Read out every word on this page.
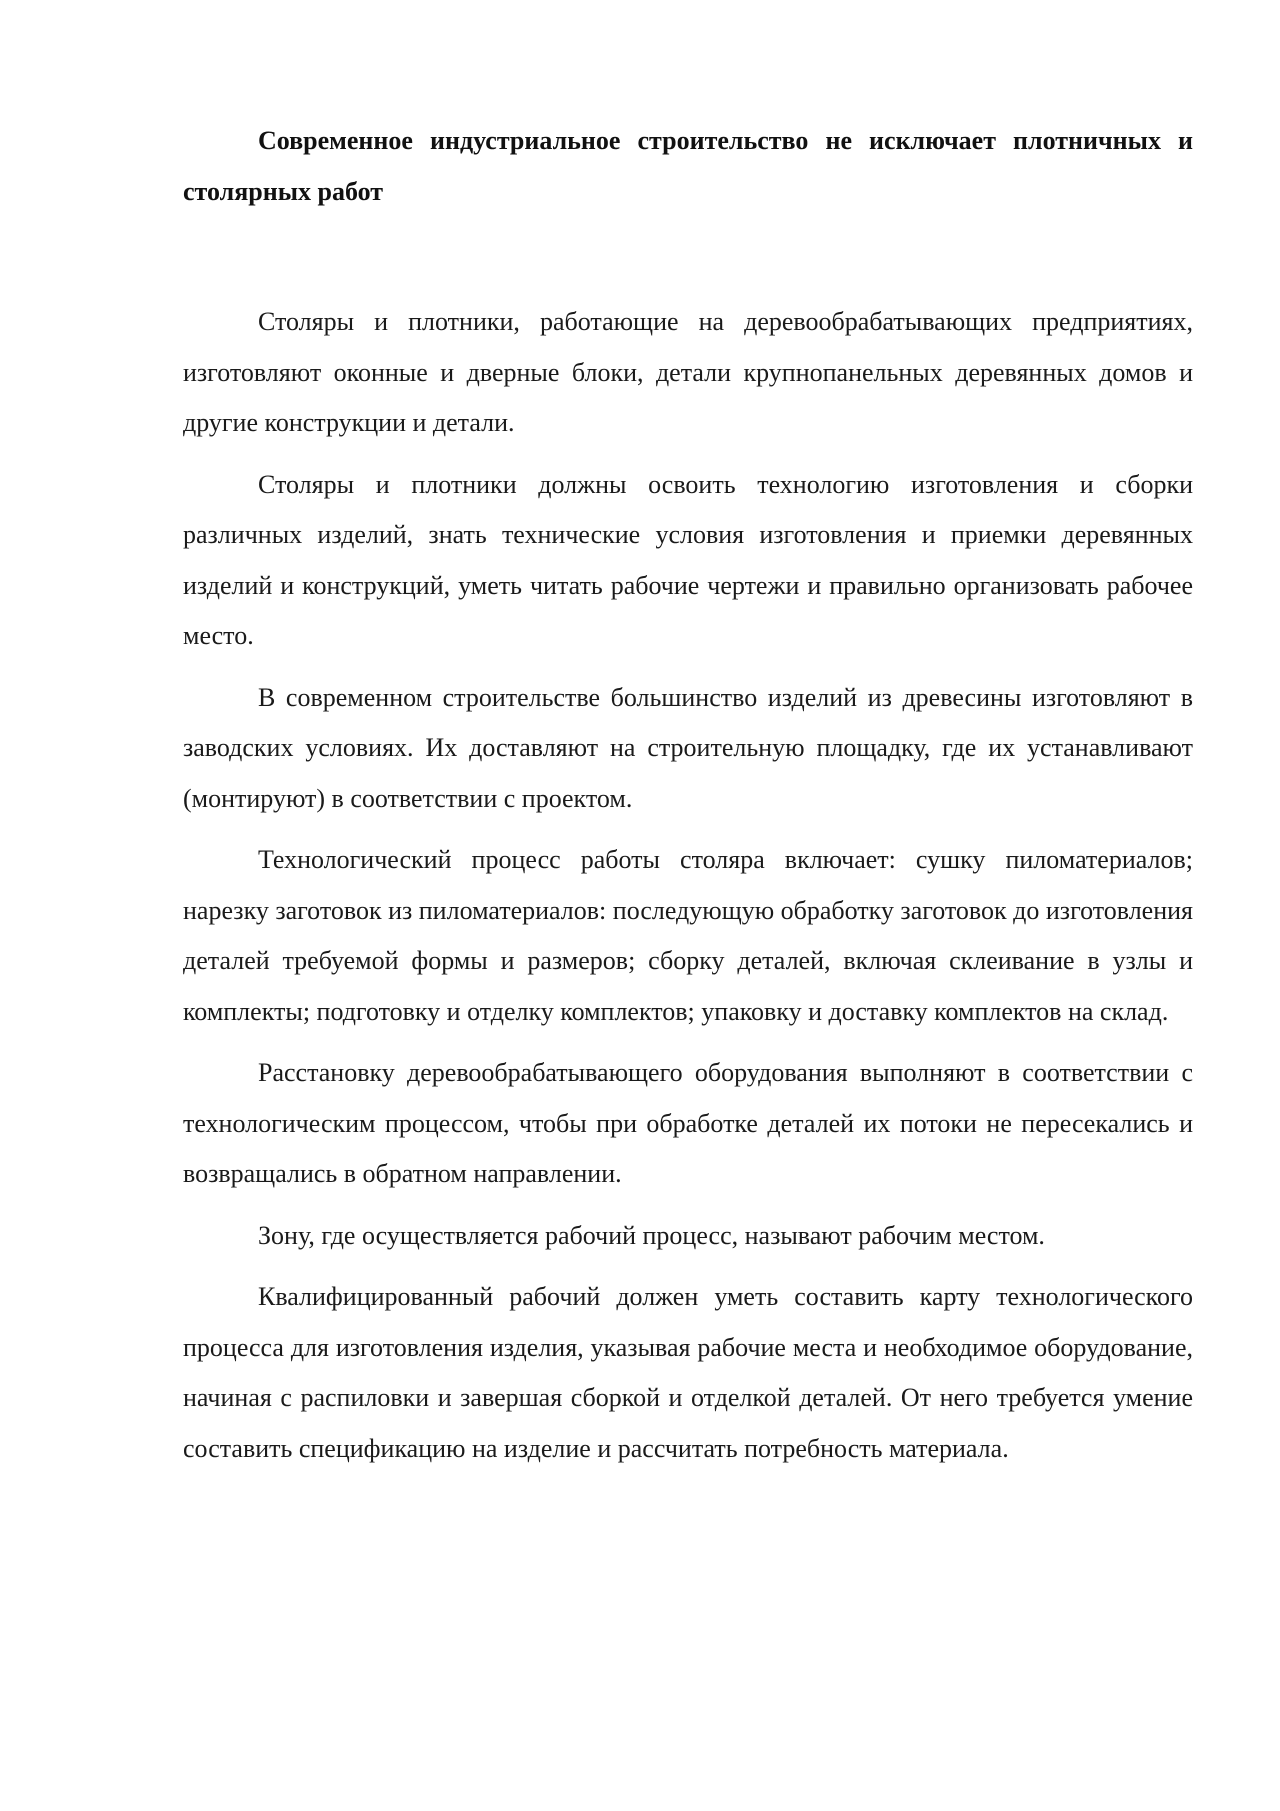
Современное индустриальное строительство не исключает плотничных и столярных работ

Столяры и плотники, работающие на деревообрабатывающих предприятиях, изготовляют оконные и дверные блоки, детали крупнопанельных деревянных домов и другие конструкции и детали.

Столяры и плотники должны освоить технологию изготовления и сборки различных изделий, знать технические условия изготовления и приемки деревянных изделий и конструкций, уметь читать рабочие чертежи и правильно организовать рабочее место.

В современном строительстве большинство изделий из древесины изготовляют в заводских условиях. Их доставляют на строительную площадку, где их устанавливают (монтируют) в соответствии с проектом.

Технологический процесс работы столяра включает: сушку пиломатериалов; нарезку заготовок из пиломатериалов: последующую обработку заготовок до изготовления деталей требуемой формы и размеров; сборку деталей, включая склеивание в узлы и комплекты; подготовку и отделку комплектов; упаковку и доставку комплектов на склад.

Расстановку деревообрабатывающего оборудования выполняют в соответствии с технологическим процессом, чтобы при обработке деталей их потоки не пересекались и возвращались в обратном направлении.

Зону, где осуществляется рабочий процесс, называют рабочим местом.

Квалифицированный рабочий должен уметь составить карту технологического процесса для изготовления изделия, указывая рабочие места и необходимое оборудование, начиная с распиловки и завершая сборкой и отделкой деталей. От него требуется умение составить спецификацию на изделие и рассчитать потребность материала.
